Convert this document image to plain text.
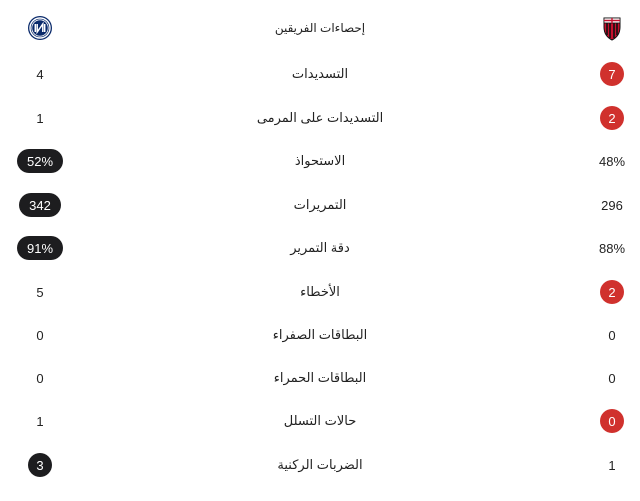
إحصاءات الفريقين
4	التسديدات	7
1	التسديدات على المرمى	2
52%	الاستحواذ	48%
342	التمريرات	296
91%	دقة التمرير	88%
5	الأخطاء	2
0	البطاقات الصفراء	0
0	البطاقات الحمراء	0
1	حالات التسلل	0
3	الضربات الركنية	1
